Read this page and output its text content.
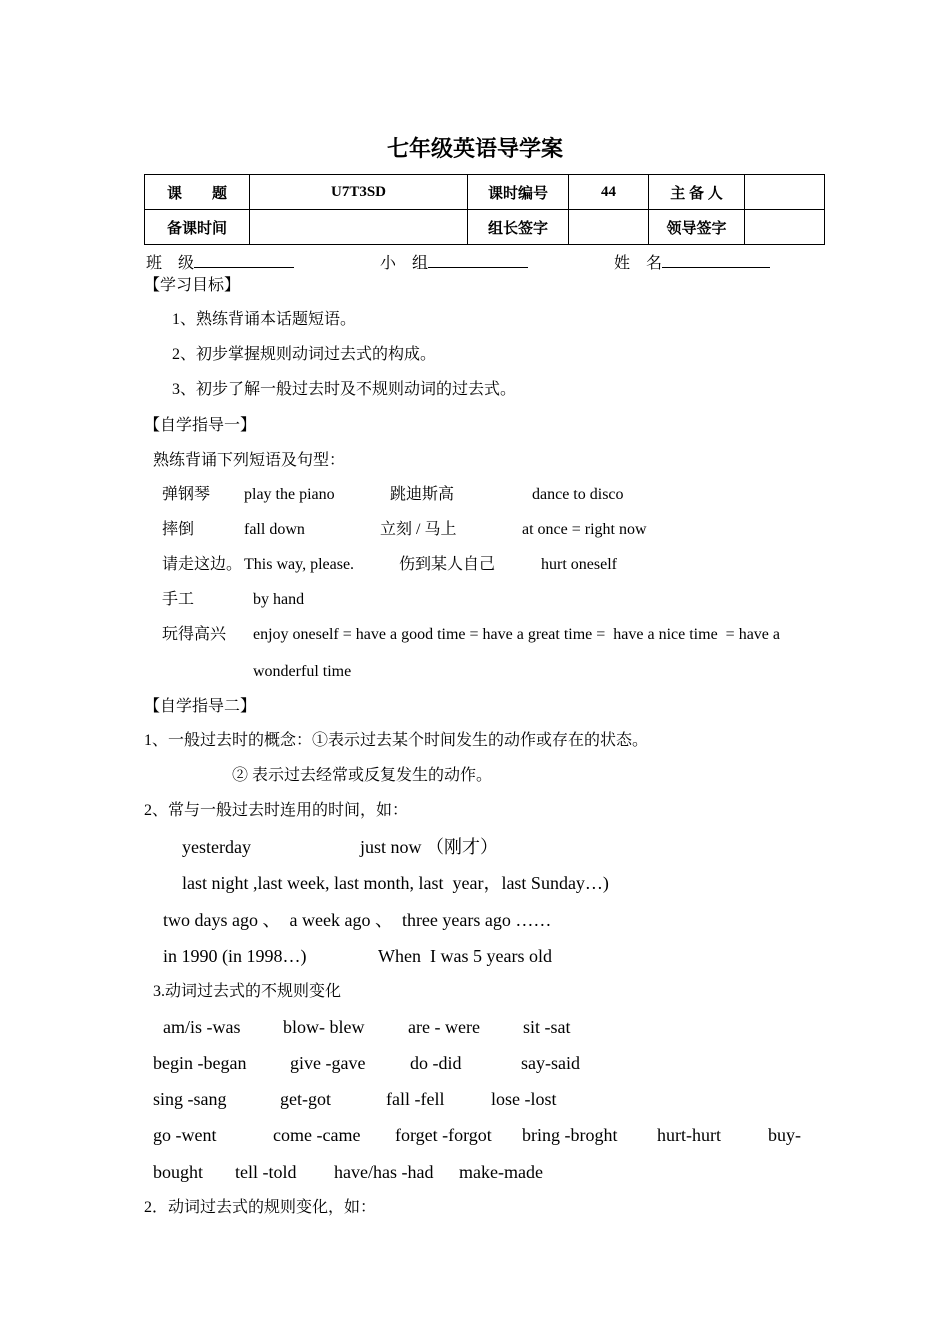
七年级英语导学案
课　　题	U7T3SD	课时编号	44	主 备 人	
备课时间		组长签字		领导签字	
班　级	小　组	姓　名
【学习目标】
1、熟练背诵本话题短语。
2、初步掌握规则动词过去式的构成。
3、初步了解一般过去时及不规则动词的过去式。
【自学指导一】
熟练背诵下列短语及句型：
弹钢琴 play the piano	跳迪斯高	dance to disco
摔倒	fall down	立刻 / 马上	at once = right now
请走这边。 This way, please.	伤到某人自己	hurt oneself
手工	by hand
玩得高兴 enjoy oneself = have a good time = have a great time =  have a nice time  = have a
wonderful time
【自学指导二】
1、一般过去时的概念：①表示过去某个时间发生的动作或存在的状态。
② 表示过去经常或反复发生的动作。
2、常与一般过去时连用的时间，如：
yesterday	just now （刚才）
last night ,last week, last month, last  year，last Sunday…)
two days ago 、  a week ago 、  three years ago ……
in 1990 (in 1998…)	When  I was 5 years old
3.动词过去式的不规则变化
am/is -was blow- blew are - were sit -sat
begin -began give -gave do -did	say-said
sing -sang	get-got	fall -fell	lose -lost
go -went	come -came forget -forgot bring -broght hurt-hurt	buy-
bought tell -told have/has -had make-made
2．动词过去式的规则变化，如：
